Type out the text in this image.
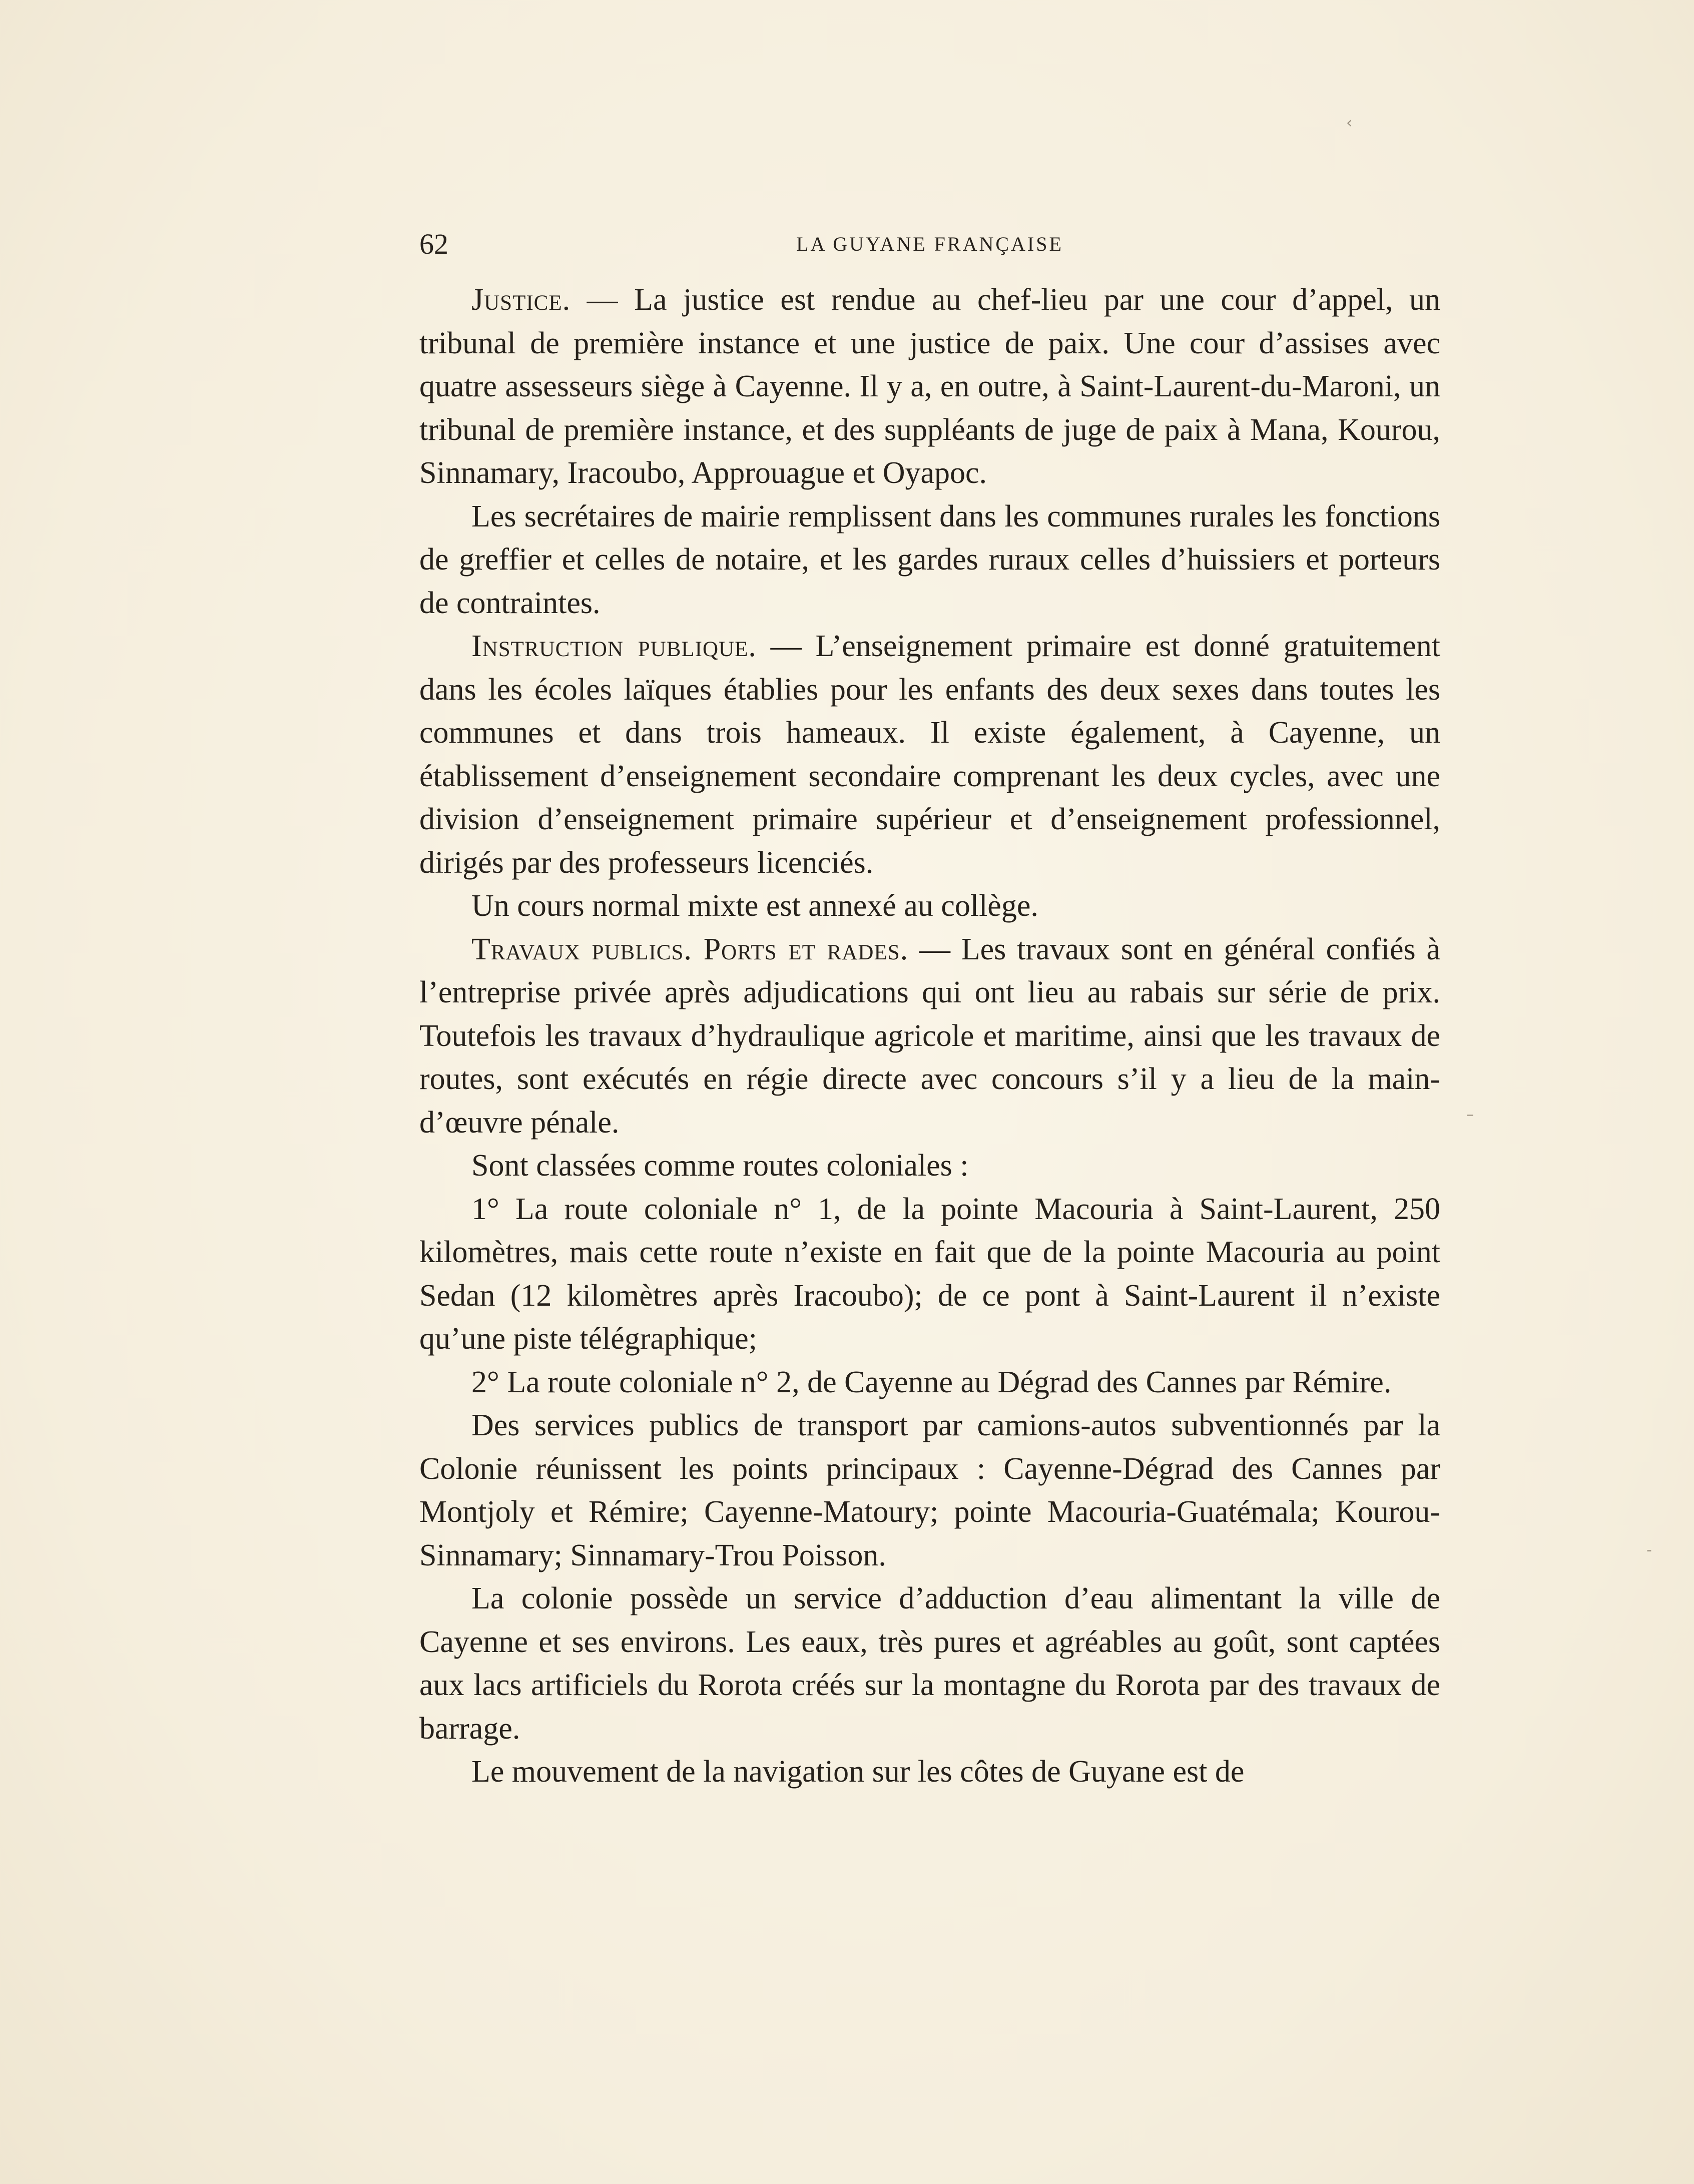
62	LA GUYANE FRANÇAISE

Justice. — La justice est rendue au chef-lieu par une cour d’appel, un tribunal de première instance et une justice de paix. Une cour d’assises avec quatre assesseurs siège à Cayenne. Il y a, en outre, à Saint-Laurent-du-Maroni, un tribunal de première instance, et des suppléants de juge de paix à Mana, Kourou, Sinnamary, Iracoubo, Approuague et Oyapoc.

Les secrétaires de mairie remplissent dans les communes rurales les fonctions de greffier et celles de notaire, et les gardes ruraux celles d’huissiers et porteurs de contraintes.

Instruction publique. — L’enseignement primaire est donné gratuitement dans les écoles laïques établies pour les enfants des deux sexes dans toutes les communes et dans trois hameaux. Il existe également, à Cayenne, un établissement d’enseignement secondaire comprenant les deux cycles, avec une division d’enseignement primaire supérieur et d’enseignement professionnel, dirigés par des professeurs licenciés.

Un cours normal mixte est annexé au collège.

Travaux publics. Ports et rades. — Les travaux sont en général confiés à l’entreprise privée après adjudications qui ont lieu au rabais sur série de prix. Toutefois les travaux d’hydraulique agricole et maritime, ainsi que les travaux de routes, sont exécutés en régie directe avec concours s’il y a lieu de la main-d’œuvre pénale.

Sont classées comme routes coloniales :

1° La route coloniale n° 1, de la pointe Macouria à Saint-Laurent, 250 kilomètres, mais cette route n’existe en fait que de la pointe Macouria au point Sedan (12 kilomètres après Iracoubo); de ce pont à Saint-Laurent il n’existe qu’une piste télégraphique;

2° La route coloniale n° 2, de Cayenne au Dégrad des Cannes par Rémire.

Des services publics de transport par camions-autos subventionnés par la Colonie réunissent les points principaux : Cayenne-Dégrad des Cannes par Montjoly et Rémire; Cayenne-Matoury; pointe Macouria-Guatémala; Kourou-Sinnamary; Sinnamary-Trou Poisson.

La colonie possède un service d’adduction d’eau alimentant la ville de Cayenne et ses environs. Les eaux, très pures et agréables au goût, sont captées aux lacs artificiels du Rorota créés sur la montagne du Rorota par des travaux de barrage.

Le mouvement de la navigation sur les côtes de Guyane est de

‹
–
-
